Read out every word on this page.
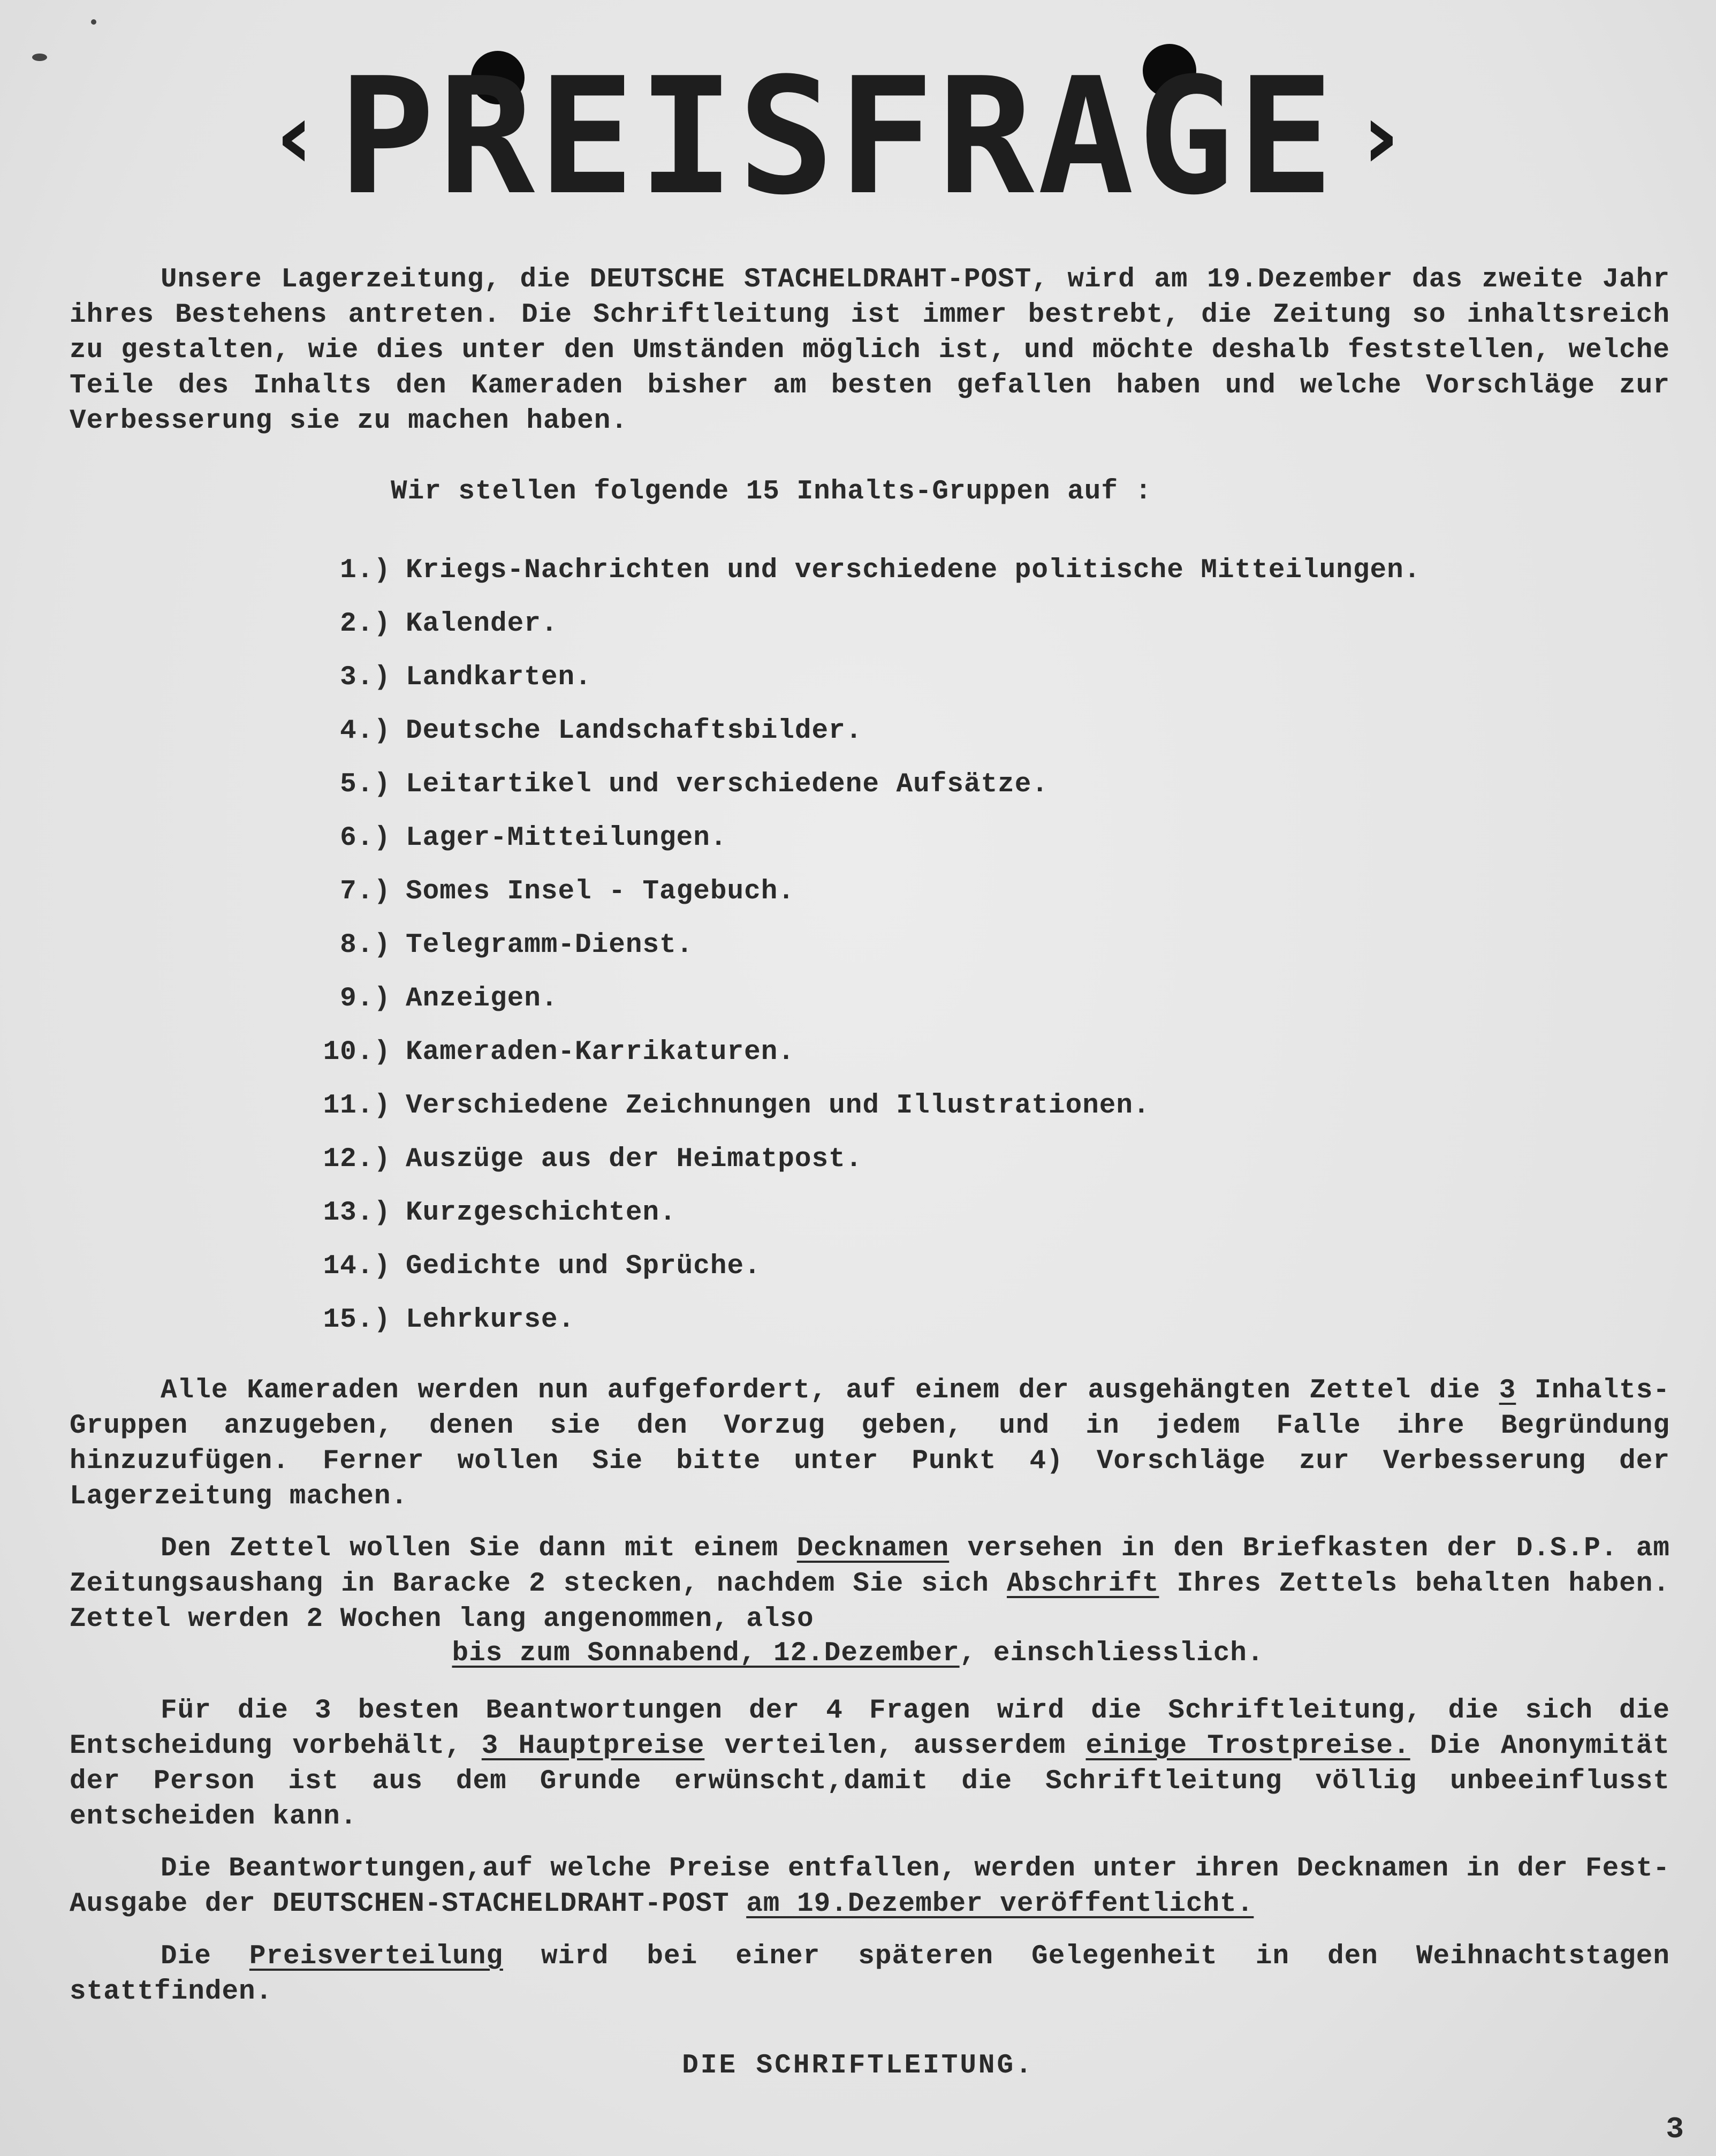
‹ PREISFRAGE ›

Unsere Lagerzeitung, die DEUTSCHE STACHELDRAHT-POST, wird am 19.Dezember das zweite Jahr ihres Bestehens antreten. Die Schriftleitung ist immer bestrebt, die Zeitung so inhaltsreich zu gestalten, wie dies unter den Umständen möglich ist, und möchte deshalb feststellen, welche Teile des Inhalts den Kameraden bisher am besten gefallen haben und welche Vorschläge zur Verbesserung sie zu machen haben.

Wir stellen folgende 15 Inhalts-Gruppen auf :
1.) Kriegs-Nachrichten und verschiedene politische Mitteilungen.
2.) Kalender.
3.) Landkarten.
4.) Deutsche Landschaftsbilder.
5.) Leitartikel und verschiedene Aufsätze.
6.) Lager-Mitteilungen.
7.) Somes Insel - Tagebuch.
8.) Telegramm-Dienst.
9.) Anzeigen.
10.) Kameraden-Karrikaturen.
11.) Verschiedene Zeichnungen und Illustrationen.
12.) Auszüge aus der Heimatpost.
13.) Kurzgeschichten.
14.) Gedichte und Sprüche.
15.) Lehrkurse.

Alle Kameraden werden nun aufgefordert, auf einem der ausgehängten Zettel die 3 Inhalts-Gruppen anzugeben, denen sie den Vorzug geben, und in jedem Falle ihre Begründung hinzuzufügen. Ferner wollen Sie bitte unter Punkt 4) Vorschläge zur Verbesserung der Lagerzeitung machen.

Den Zettel wollen Sie dann mit einem Decknamen versehen in den Briefkasten der D.S.P. am Zeitungsaushang in Baracke 2 stecken, nachdem Sie sich Abschrift Ihres Zettels behalten haben. Zettel werden 2 Wochen lang angenommen, also

bis zum Sonnabend, 12.Dezember, einschliesslich.

Für die 3 besten Beantwortungen der 4 Fragen wird die Schriftleitung, die sich die Entscheidung vorbehält, 3 Hauptpreise verteilen, ausserdem einige Trostpreise. Die Anonymität der Person ist aus dem Grunde erwünscht,damit die Schriftleitung völlig unbeeinflusst entscheiden kann.

Die Beantwortungen,auf welche Preise entfallen, werden unter ihren Decknamen in der Fest-Ausgabe der DEUTSCHEN-STACHELDRAHT-POST am 19.Dezember veröffentlicht.

Die Preisverteilung wird bei einer späteren Gelegenheit in den Weihnachtstagen stattfinden.

DIE SCHRIFTLEITUNG.
3
